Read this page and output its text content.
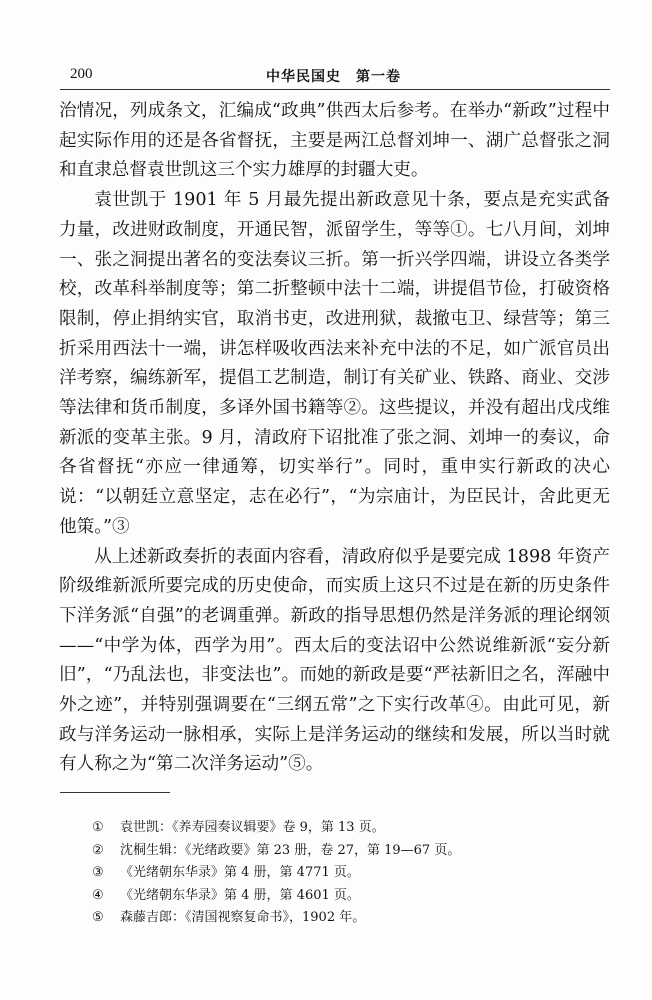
200	中华民国史　第一卷

治情况，列成条文，汇编成“政典”供西太后参考。在举办“新政”过程中起实际作用的还是各省督抚，主要是两江总督刘坤一、湖广总督张之洞和直隶总督袁世凯这三个实力雄厚的封疆大吏。

袁世凯于 1901 年 5 月最先提出新政意见十条，要点是充实武备力量，改进财政制度，开通民智，派留学生，等等①。七八月间，刘坤一、张之洞提出著名的变法奏议三折。第一折兴学四端，讲设立各类学校，改革科举制度等；第二折整顿中法十二端，讲提倡节俭，打破资格限制，停止捐纳实官，取消书吏，改进刑狱，裁撤屯卫、绿营等；第三折采用西法十一端，讲怎样吸收西法来补充中法的不足，如广派官员出洋考察，编练新军，提倡工艺制造，制订有关矿业、铁路、商业、交涉等法律和货币制度，多译外国书籍等②。这些提议，并没有超出戊戌维新派的变革主张。9 月，清政府下诏批准了张之洞、刘坤一的奏议，命各省督抚“亦应一律通筹，切实举行”。同时，重申实行新政的决心说：“以朝廷立意坚定，志在必行”，“为宗庙计，为臣民计，舍此更无他策。”③

从上述新政奏折的表面内容看，清政府似乎是要完成 1898 年资产阶级维新派所要完成的历史使命，而实质上这只不过是在新的历史条件下洋务派“自强”的老调重弹。新政的指导思想仍然是洋务派的理论纲领——“中学为体，西学为用”。西太后的变法诏中公然说维新派“妄分新旧”，“乃乱法也，非变法也”。而她的新政是要“严祛新旧之名，浑融中外之迹”，并特别强调要在“三纲五常”之下实行改革④。由此可见，新政与洋务运动一脉相承，实际上是洋务运动的继续和发展，所以当时就有人称之为“第二次洋务运动”⑤。

①	袁世凯：《养寿园奏议辑要》卷 9，第 13 页。
②	沈桐生辑：《光绪政要》第 23 册，卷 27，第 19—67 页。
③	《光绪朝东华录》第 4 册，第 4771 页。
④	《光绪朝东华录》第 4 册，第 4601 页。
⑤	森藤吉郎：《清国视察复命书》，1902 年。
